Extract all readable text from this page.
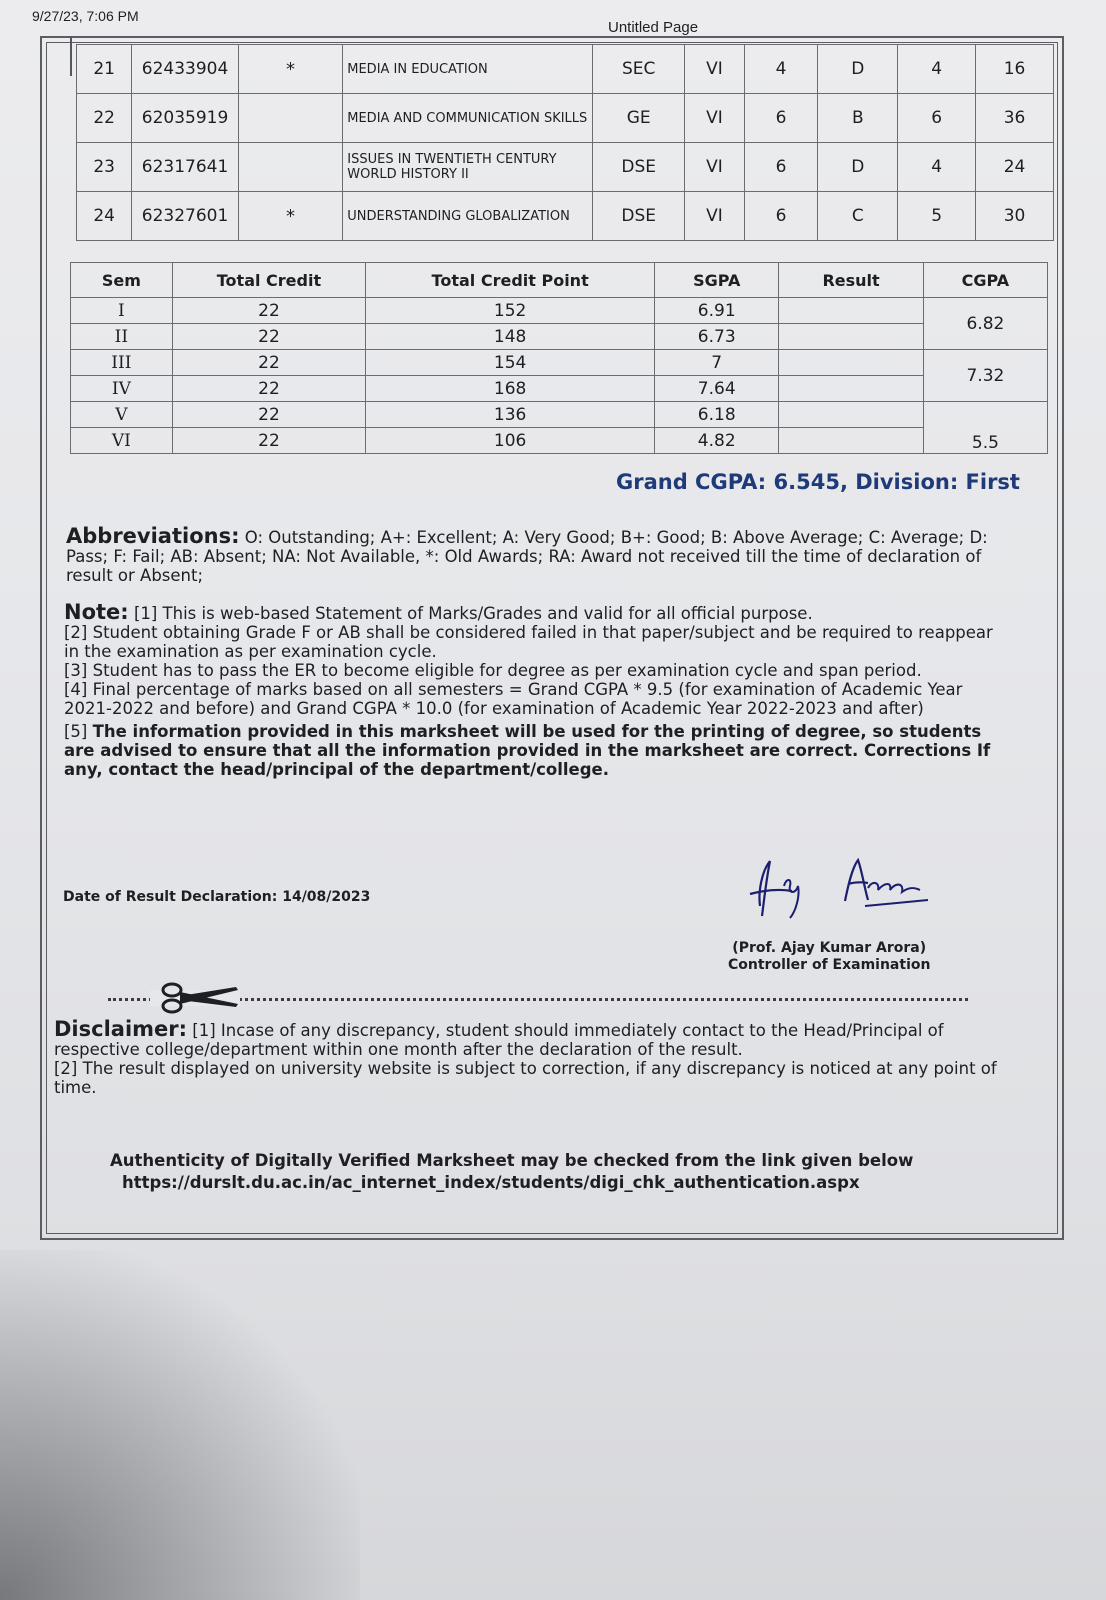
9/27/23, 7:06 PM
Untitled Page
21	62433904	*	MEDIA IN EDUCATION	SEC	VI	4	D	4	16
22	62035919		MEDIA AND COMMUNICATION SKILLS	GE	VI	6	B	6	36
23	62317641		ISSUES IN TWENTIETH CENTURY WORLD HISTORY II	DSE	VI	6	D	4	24
24	62327601	*	UNDERSTANDING GLOBALIZATION	DSE	VI	6	C	5	30
Sem	Total Credit	Total Credit Point	SGPA	Result	CGPA
I	22	152	6.91		6.82
II	22	148	6.73		
III	22	154	7		7.32
IV	22	168	7.64		
V	22	136	6.18		5.5
VI	22	106	4.82		
Grand CGPA: 6.545, Division: First
Abbreviations: O: Outstanding; A+: Excellent; A: Very Good; B+: Good; B: Above Average; C: Average; D: Pass; F: Fail; AB: Absent; NA: Not Available, *: Old Awards; RA: Award not received till the time of declaration of result or Absent;

Note: [1] This is web-based Statement of Marks/Grades and valid for all official purpose.

[2] Student obtaining Grade F or AB shall be considered failed in that paper/subject and be required to reappear in the examination as per examination cycle.

[3] Student has to pass the ER to become eligible for degree as per examination cycle and span period.

[4] Final percentage of marks based on all semesters = Grand CGPA * 9.5 (for examination of Academic Year 2021-2022 and before) and Grand CGPA * 10.0 (for examination of Academic Year 2022-2023 and after)

[5] The information provided in this marksheet will be used for the printing of degree, so students are advised to ensure that all the information provided in the marksheet are correct. Corrections If any, contact the head/principal of the department/college.

Date of Result Declaration: 14/08/2023
(Prof. Ajay Kumar Arora)
Controller of Examination

Disclaimer: [1] Incase of any discrepancy, student should immediately contact to the Head/Principal of respective college/department within one month after the declaration of the result.

[2] The result displayed on university website is subject to correction, if any discrepancy is noticed at any point of time.

Authenticity of Digitally Verified Marksheet may be checked from the link given below
https://durslt.du.ac.in/ac_internet_index/students/digi_chk_authentication.aspx
